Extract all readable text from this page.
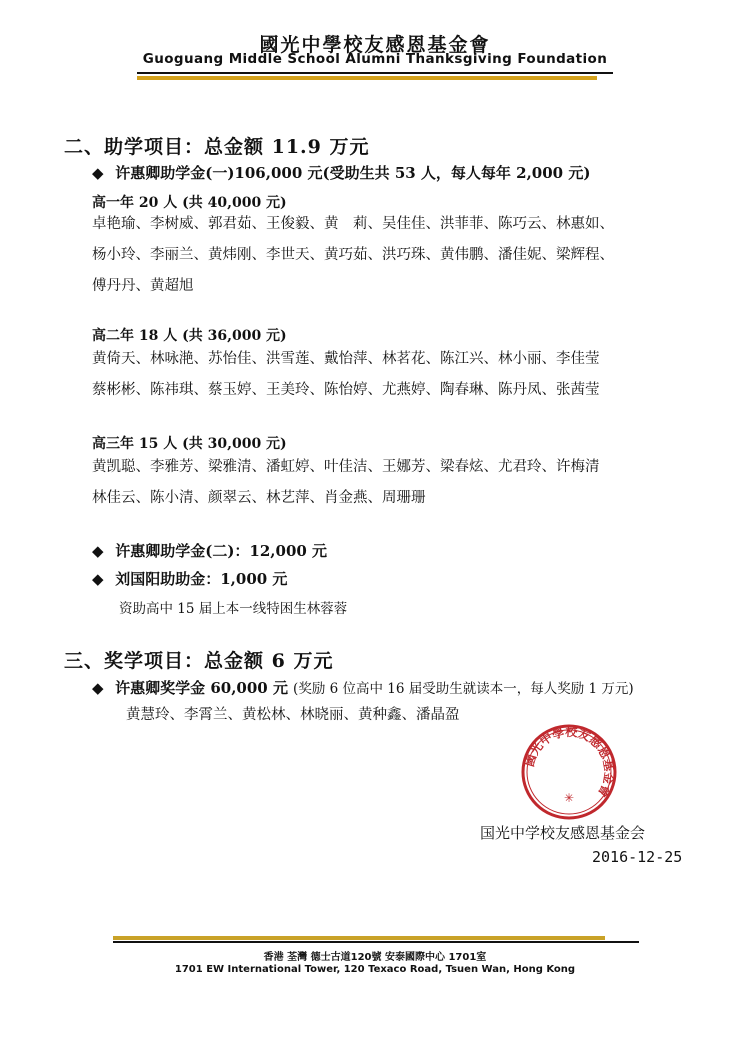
國光中學校友感恩基金會
Guoguang Middle School Alumni Thanksgiving Foundation
二、助学项目：总金额 11.9 万元
◆ 许惠卿助学金(一)106,000 元(受助生共 53 人，每人每年 2,000 元)
高一年 20 人 (共 40,000 元)
卓艳瑜、李树威、郭君茹、王俊毅、黄　莉、吴佳佳、洪菲菲、陈巧云、林惠如、
杨小玲、李丽兰、黄炜刚、李世天、黄巧茹、洪巧珠、黄伟鹏、潘佳妮、梁辉程、
傅丹丹、黄超旭
高二年 18 人 (共 36,000 元)
黄倚天、林咏滟、苏怡佳、洪雪莲、戴怡萍、林茗花、陈江兴、林小丽、李佳莹
蔡彬彬、陈祎琪、蔡玉婷、王美玲、陈怡婷、尤燕婷、陶春琳、陈丹凤、张茜莹
高三年 15 人 (共 30,000 元)
黄凯聪、李雅芳、梁雅清、潘虹婷、叶佳洁、王娜芳、梁春炫、尤君玲、许梅清
林佳云、陈小清、颜翠云、林艺萍、肖金燕、周珊珊
◆ 许惠卿助学金(二)：12,000 元
◆ 刘国阳助助金：1,000 元
资助高中 15 届上本一线特困生林蓉蓉
三、奖学项目：总金额 6 万元
◆ 许惠卿奖学金 60,000 元 (奖励 6 位高中 16 届受助生就读本一，每人奖励 1 万元)
黄慧玲、李霄兰、黄松林、林晓丽、黄种鑫、潘晶盈
國光中學校友感恩基金會
✳
国光中学校友感恩基金会
2016-12-25
香港 荃灣 德士古道120號 安泰國際中心 1701室
1701 EW International Tower, 120 Texaco Road, Tsuen Wan, Hong Kong
